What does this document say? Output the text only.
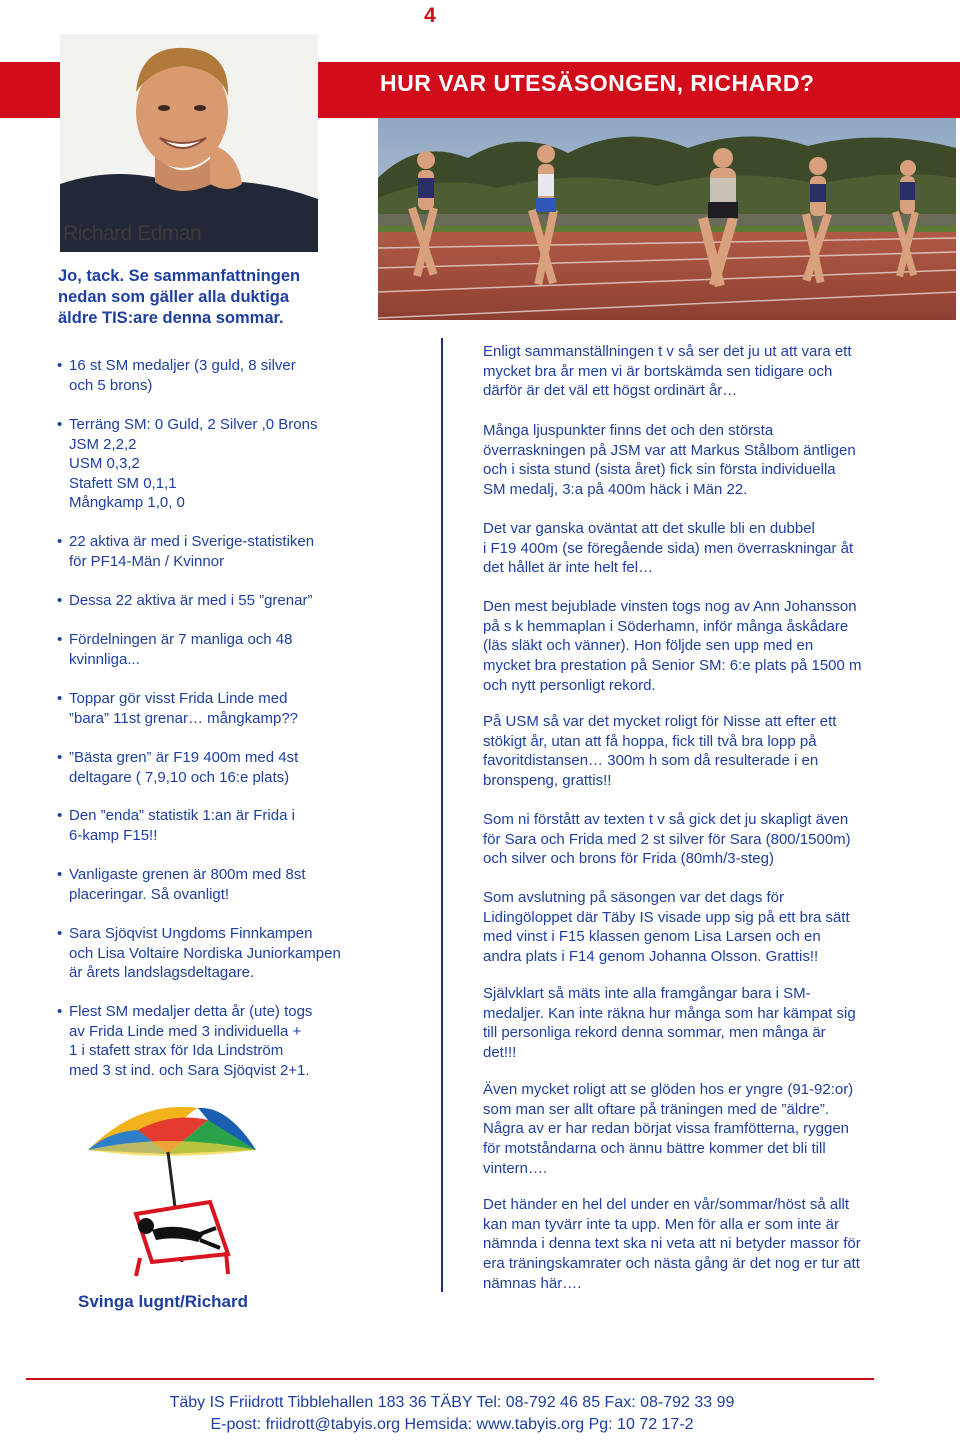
4
HUR VAR UTESÄSONGEN, RICHARD?
Richard Edman
Jo, tack. Se sammanfattningen
nedan som gäller alla duktiga
äldre TIS:are denna sommar.
• 16 st SM medaljer (3 guld, 8 silver
och 5 brons)
• Terräng SM: 0 Guld, 2 Silver ,0 Brons
JSM 2,2,2
USM 0,3,2
Stafett SM 0,1,1
Mångkamp 1,0, 0
• 22 aktiva är med i Sverige-statistiken
för PF14-Män / Kvinnor
• Dessa 22 aktiva är med i 55 ”grenar”
• Fördelningen är 7 manliga och 48
kvinnliga...
• Toppar gör visst Frida Linde med
”bara” 11st grenar… mångkamp??
• ”Bästa gren” är F19 400m med 4st
deltagare ( 7,9,10 och 16:e plats)
• Den ”enda” statistik 1:an är Frida i
6-kamp F15!!
• Vanligaste grenen är 800m med 8st
placeringar. Så ovanligt!
• Sara Sjöqvist Ungdoms Finnkampen
och Lisa Voltaire Nordiska Juniorkampen
är årets landslagsdeltagare.
• Flest SM medaljer detta år (ute) togs
av Frida Linde med 3 individuella +
1 i stafett strax för Ida Lindström
med 3 st ind. och Sara Sjöqvist 2+1.
Enligt sammanställningen t v så ser det ju ut att vara ett
mycket bra år men vi är bortskämda sen tidigare och
därför är det väl ett högst ordinärt år…
Många ljuspunkter finns det och den största
överraskningen på JSM var att Markus Stålbom äntligen
och i sista stund (sista året) fick sin första individuella
SM medalj, 3:a på 400m häck i Män 22.
Det var ganska oväntat att det skulle bli en dubbel
i F19 400m (se föregående sida) men överraskningar åt
det hållet är inte helt fel…
Den mest bejublade vinsten togs nog av Ann Johansson
på s k hemmaplan i Söderhamn, inför många åskådare
(läs släkt och vänner). Hon följde sen upp med en
mycket bra prestation på Senior SM: 6:e plats på 1500 m
och nytt personligt rekord.
På USM så var det mycket roligt för Nisse att efter ett
stökigt år, utan att få hoppa, fick till två bra lopp på
favoritdistansen… 300m h som då resulterade i en
bronspeng, grattis!!
Som ni förstått av texten t v så gick det ju skapligt även
för Sara och Frida med 2 st silver för Sara (800/1500m)
och silver och brons för Frida (80mh/3-steg)
Som avslutning på säsongen var det dags för
Lidingöloppet där Täby IS visade upp sig på ett bra sätt
med vinst i F15 klassen genom Lisa Larsen och en
andra plats i F14 genom Johanna Olsson. Grattis!!
Självklart så mäts inte alla framgångar bara i SM-
medaljer. Kan inte räkna hur många som har kämpat sig
till personliga rekord denna sommar, men många är
det!!!
Även mycket roligt att se glöden hos er yngre (91-92:or)
som man ser allt oftare på träningen med de ”äldre”.
Några av er har redan börjat vissa framfötterna, ryggen
för motståndarna och ännu bättre kommer det bli till
vintern….
Det händer en hel del under en vår/sommar/höst så allt
kan man tyvärr inte ta upp. Men för alla er som inte är
nämnda i denna text ska ni veta att ni betyder massor för
era träningskamrater och nästa gång är det nog er tur att
nämnas här….
Svinga lugnt/Richard
Täby IS Friidrott Tibblehallen 183 36 TÄBY Tel: 08-792 46 85 Fax: 08-792 33 99
E-post: friidrott@tabyis.org Hemsida: www.tabyis.org Pg: 10 72 17-2
